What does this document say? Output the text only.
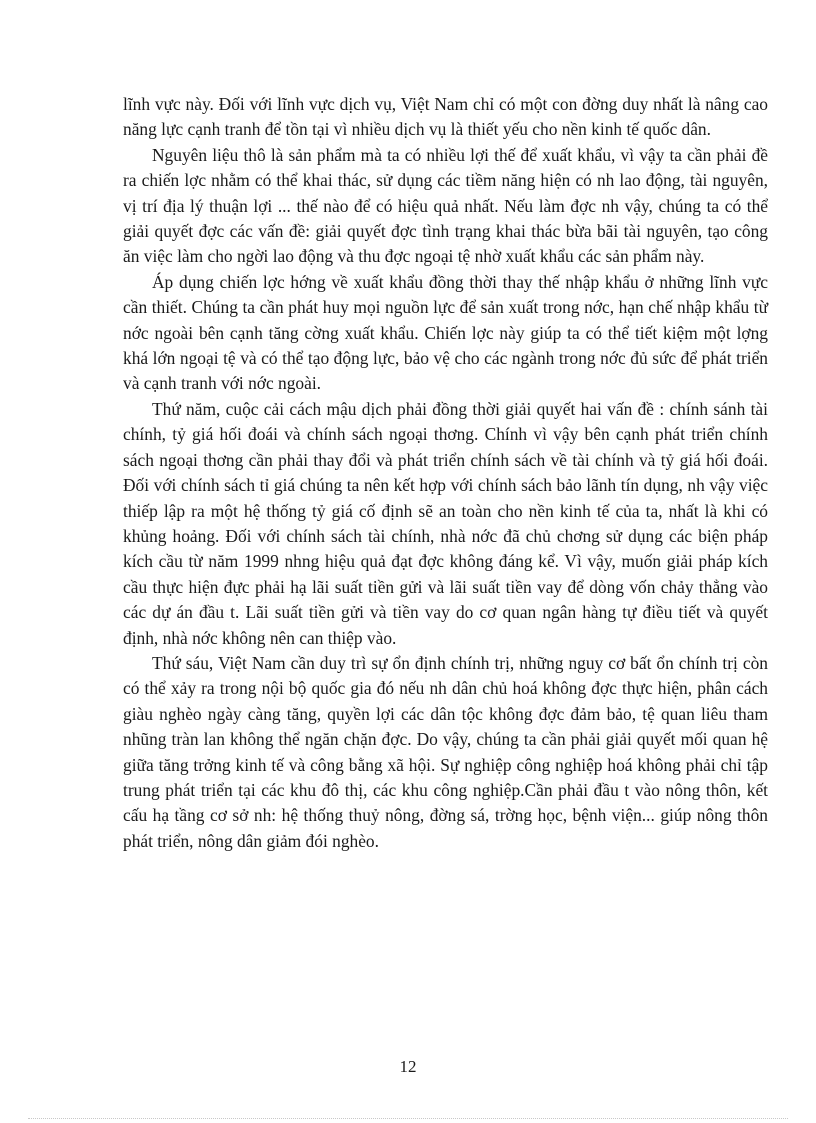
lĩnh vực này. Đối với lĩnh vực dịch vụ, Việt Nam chỉ có một con đờng duy nhất là nâng cao năng lực cạnh tranh để tồn tại vì nhiều dịch vụ là thiết yếu cho nền kinh tế quốc dân.

Nguyên liệu thô là sản phẩm mà ta có nhiều lợi thế để xuất khẩu, vì vậy ta cần phải đề ra chiến lợc nhằm có thể khai thác, sử dụng các tiềm năng hiện có nh lao động, tài nguyên, vị trí địa lý thuận lợi ... thế nào để có hiệu quả nhất. Nếu làm đợc nh vậy, chúng ta có thể giải quyết đợc các vấn đề: giải quyết đợc tình trạng khai thác bừa bãi tài nguyên, tạo công ăn việc làm cho ngời lao động và thu đợc ngoại tệ nhờ xuất khẩu các sản phẩm này.

Áp dụng chiến lợc hớng về xuất khẩu đồng thời thay thế nhập khẩu ở những lĩnh vực cần thiết. Chúng ta cần phát huy mọi nguồn lực để sản xuất trong nớc, hạn chế nhập khẩu từ nớc ngoài bên cạnh tăng cờng xuất khẩu. Chiến lợc này giúp ta có thể tiết kiệm một lợng khá lớn ngoại tệ và có thể tạo động lực, bảo vệ cho các ngành trong nớc đủ sức để phát triển và cạnh tranh với nớc ngoài.

Thứ năm, cuộc cải cách mậu dịch phải đồng thời giải quyết hai vấn đề : chính sánh tài chính, tỷ giá hối đoái và chính sách ngoại thơng. Chính vì vậy bên cạnh phát triển chính sách ngoại thơng cần phải thay đổi và phát triển chính sách về tài chính và tỷ giá hối đoái. Đối với chính sách tỉ giá chúng ta nên kết hợp với chính sách bảo lãnh tín dụng, nh vậy việc thiếp lập ra một hệ thống tỷ giá cố định sẽ an toàn cho nền kinh tế của ta, nhất là khi có khủng hoảng. Đối với chính sách tài chính, nhà nớc đã chủ chơng sử dụng các biện pháp kích cầu từ năm 1999 nhng hiệu quả đạt đợc không đáng kể. Vì vậy, muốn giải pháp kích cầu thực hiện đực phải hạ lãi suất tiền gửi và lãi suất tiền vay để dòng vốn chảy thẳng vào các dự án đầu t. Lãi suất tiền gửi và tiền vay do cơ quan ngân hàng tự điều tiết và quyết định, nhà nớc không nên can thiệp vào.

Thứ sáu, Việt Nam cần duy trì sự ổn định chính trị, những nguy cơ bất ổn chính trị còn có thể xảy ra trong nội bộ quốc gia đó nếu nh dân chủ hoá không đợc thực hiện, phân cách giàu nghèo ngày càng tăng, quyền lợi các dân tộc không đợc đảm bảo, tệ quan liêu tham nhũng tràn lan không thể ngăn chặn đợc. Do vậy, chúng ta cần phải giải quyết mối quan hệ giữa tăng trởng kinh tế và công bằng xã hội. Sự nghiệp công nghiệp hoá không phải chỉ tập trung phát triển tại các khu đô thị, các khu công nghiệp.Cần phải đầu t vào nông thôn, kết cấu hạ tầng cơ sở nh: hệ thống thuỷ nông, đờng sá, trờng học, bệnh viện... giúp nông thôn phát triển, nông dân giảm đói nghèo.

12
